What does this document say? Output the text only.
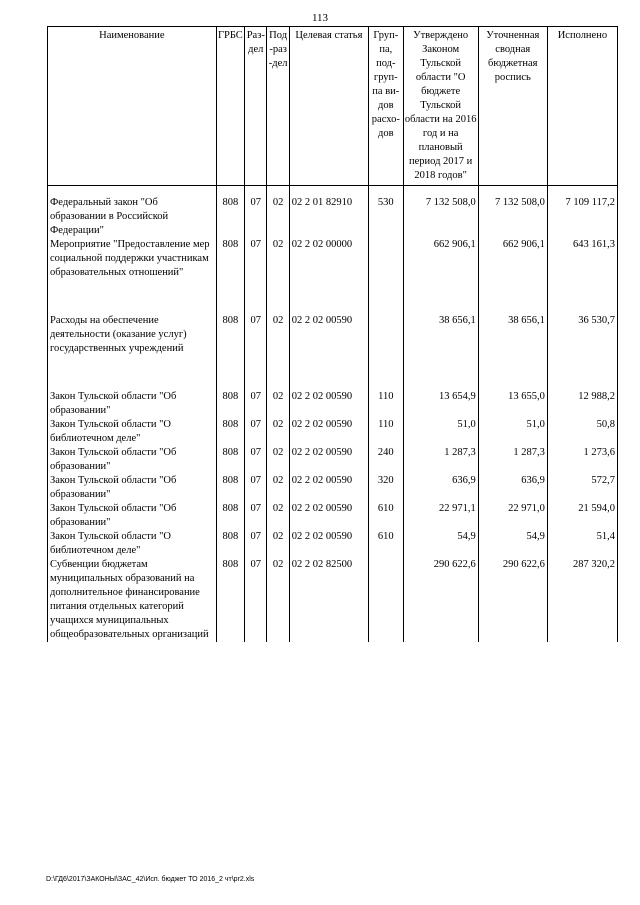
113
Наименование	ГРБС	Раз-дел	Под-раз-дел	Целевая статья	Груп-па, под-груп-па ви-дов расхо-дов	Утверждено Законом Тульской области "О бюджете Тульской области на 2016 год и на плановый период 2017 и 2018 годов"	Уточненная сводная бюджетная роспись	Исполнено
Федеральный закон "Об образовании в Российской Федерации"	808	07	02	02 2 01 82910	530	7 132 508,0	7 132 508,0	7 109 117,2
Мероприятие "Предоставление мер социальной поддержки участникам образовательных отношений"	808	07	02	02 2 02 00000		662 906,1	662 906,1	643 161,3

Расходы на обеспечение деятельности (оказание услуг) государственных учреждений	808	07	02	02 2 02 00590		38 656,1	38 656,1	36 530,7

Закон Тульской области "Об образовании"	808	07	02	02 2 02 00590	110	13 654,9	13 655,0	12 988,2
Закон Тульской области "О библиотечном деле"	808	07	02	02 2 02 00590	110	51,0	51,0	50,8
Закон Тульской области "Об образовании"	808	07	02	02 2 02 00590	240	1 287,3	1 287,3	1 273,6
Закон Тульской области "Об образовании"	808	07	02	02 2 02 00590	320	636,9	636,9	572,7
Закон Тульской области "Об образовании"	808	07	02	02 2 02 00590	610	22 971,1	22 971,0	21 594,0
Закон Тульской области "О библиотечном деле"	808	07	02	02 2 02 00590	610	54,9	54,9	51,4
Субвенции бюджетам муниципальных образований на дополнительное финансирование питания отдельных категорий учащихся муниципальных общеобразовательных организаций	808	07	02	02 2 02 82500		290 622,6	290 622,6	287 320,2
D:\ГД6\2017\ЗАКОНЫ\ЗАС_42\Исп. бюджет ТО 2016_2 чт\pr2.xls
